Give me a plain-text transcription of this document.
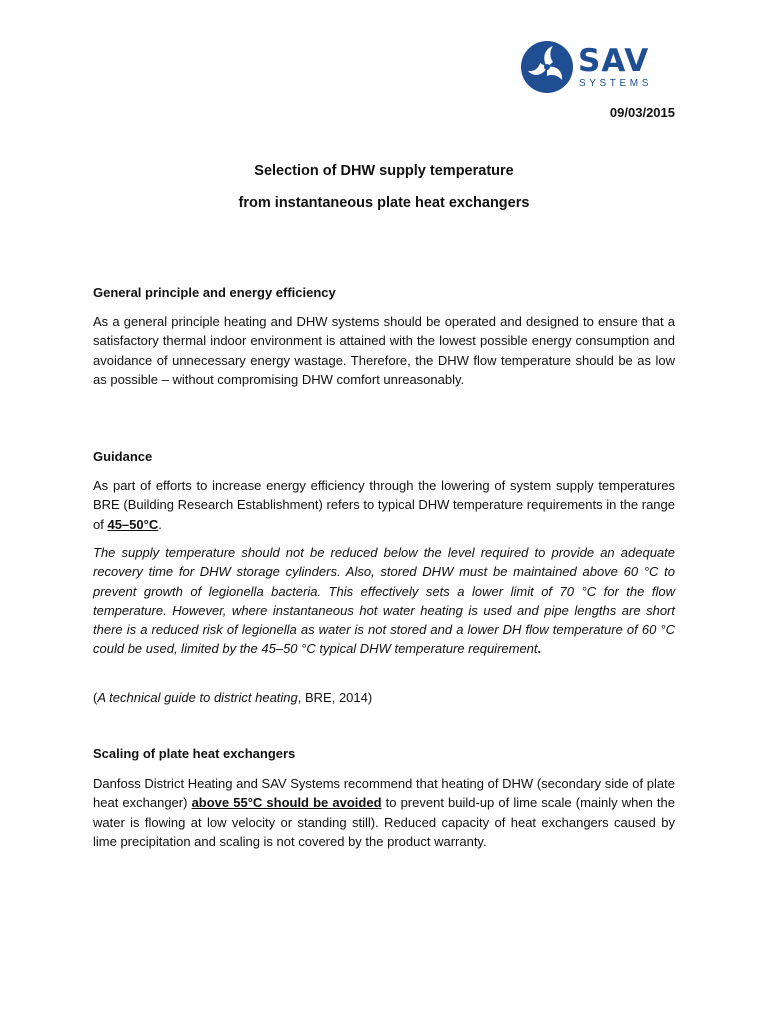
SAV
SYSTEMS
09/03/2015
Selection of DHW supply temperature
from instantaneous plate heat exchangers
General principle and energy efficiency

As a general principle heating and DHW systems should be operated and designed to ensure that a satisfactory thermal indoor environment is attained with the lowest possible energy consumption and avoidance of unnecessary energy wastage. Therefore, the DHW flow temperature should be as low as possible – without compromising DHW comfort unreasonably.

Guidance

As part of efforts to increase energy efficiency through the lowering of system supply temperatures BRE (Building Research Establishment) refers to typical DHW temperature requirements in the range of 45–50°C.

The supply temperature should not be reduced below the level required to provide an adequate recovery time for DHW storage cylinders. Also, stored DHW must be maintained above 60 °C to prevent growth of legionella bacteria. This effectively sets a lower limit of 70 °C for the flow temperature. However, where instantaneous hot water heating is used and pipe lengths are short there is a reduced risk of legionella as water is not stored and a lower DH flow temperature of 60 °C could be used, limited by the 45–50 °C typical DHW temperature requirement.

(A technical guide to district heating, BRE, 2014)

Scaling of plate heat exchangers

Danfoss District Heating and SAV Systems recommend that heating of DHW (secondary side of plate heat exchanger) above 55°C should be avoided to prevent build-up of lime scale (mainly when the water is flowing at low velocity or standing still). Reduced capacity of heat exchangers caused by lime precipitation and scaling is not covered by the product warranty.
